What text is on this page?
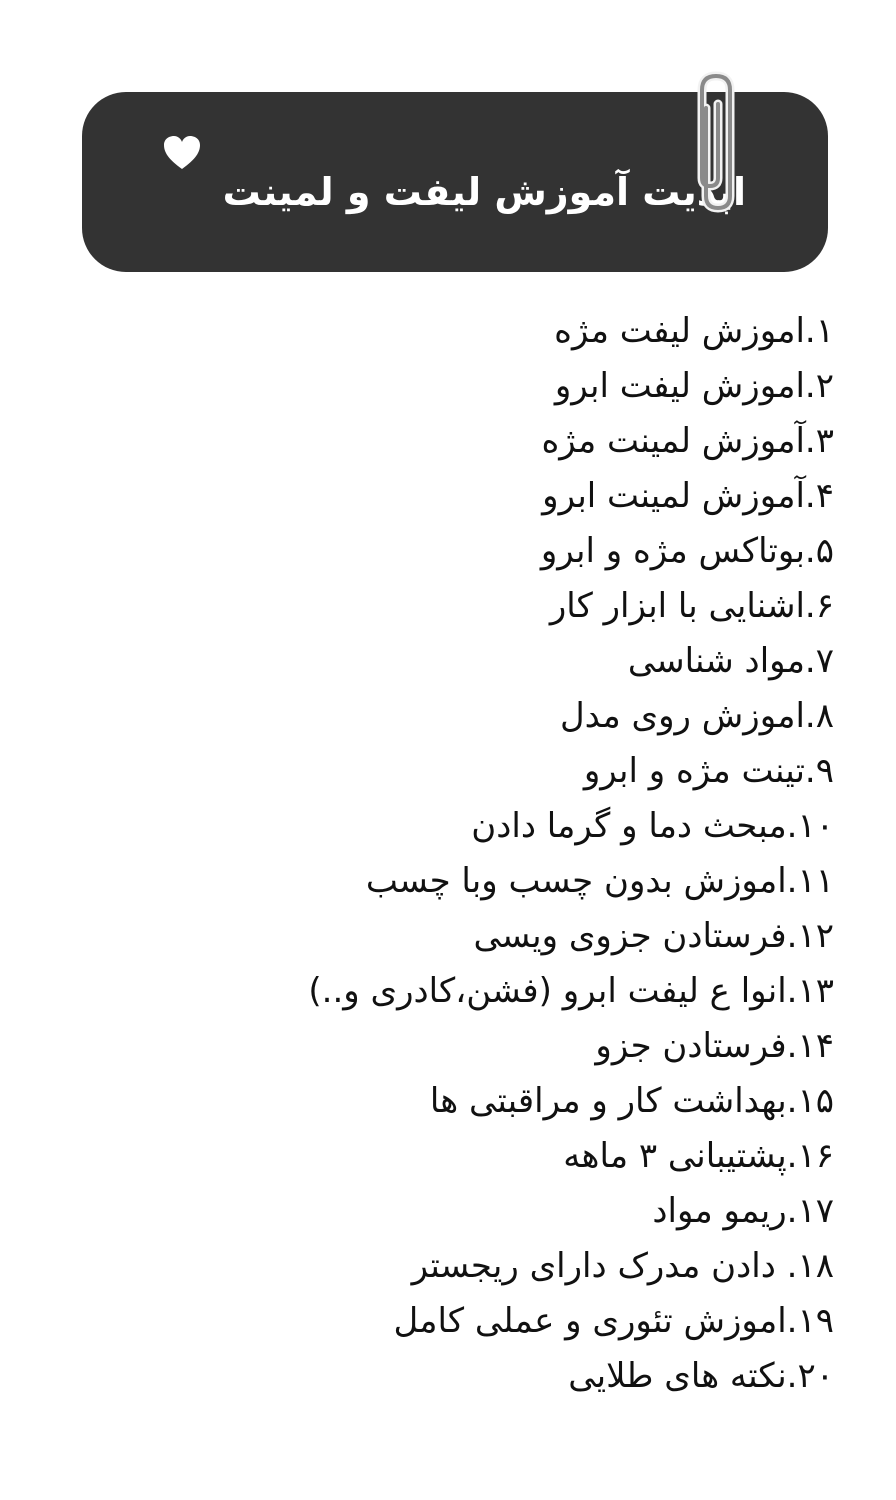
اپدیت آموزش لیفت و لمینت
۱.اموزش لیفت مژه
۲.اموزش لیفت ابرو
۳.آموزش لمینت مژه
۴.آموزش لمینت ابرو
۵.بوتاکس مژه و ابرو
۶.اشنایی با ابزار کار
۷.مواد شناسی
۸.اموزش روی مدل
۹.تینت مژه و ابرو
۱۰.مبحث دما و گرما دادن
۱۱.اموزش بدون چسب وبا چسب
۱۲.فرستادن جزوی ویسی
۱۳.انوا ع لیفت ابرو (فشن،کادری و..)
۱۴.فرستادن جزو
۱۵.بهداشت کار و مراقبتی ها
۱۶.پشتیبانی ۳ ماهه
۱۷.ریمو مواد
۱۸. دادن مدرک دارای ریجستر
۱۹.اموزش تئوری و عملی کامل
۲۰.نکته های طلایی
